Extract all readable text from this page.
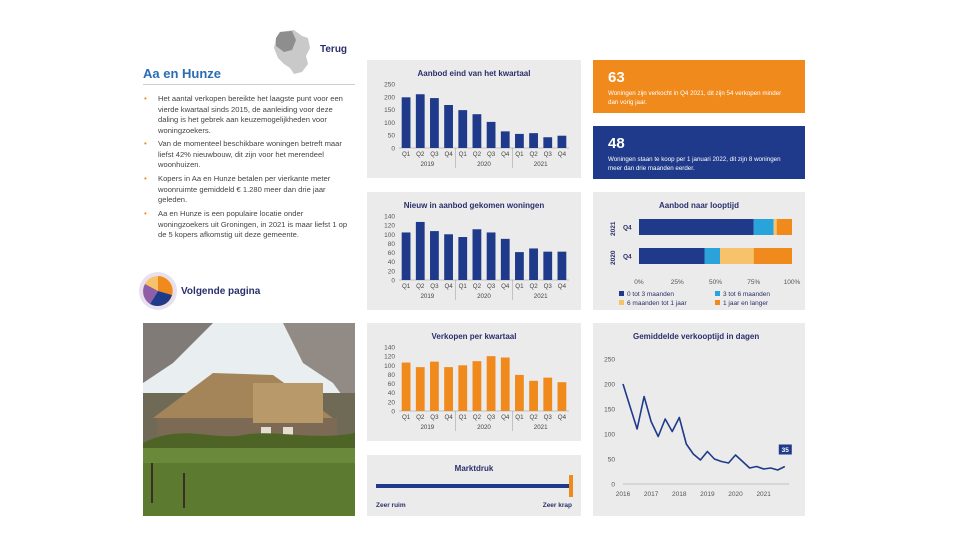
Terug
Aa en Hunze
•	Het aantal verkopen bereikte het laagste punt voor een vierde kwartaal sinds 2015, de aanleiding voor deze daling is het gebrek aan keuzemogelijkheden voor woningzoekers.
•	Van de momenteel beschikbare woningen betreft maar liefst 42% nieuwbouw, dit zijn voor het merendeel woonhuizen.
•	Kopers in Aa en Hunze betalen per vierkante meter woonruimte gemiddeld € 1.280 meer dan drie jaar geleden.
•	Aa en Hunze is een populaire locatie onder woningzoekers uit Groningen, in 2021 is maar liefst 1 op de 5 kopers afkomstig uit deze gemeente.
Volgende pagina
Aanbod eind van het kwartaal
0
50
100
150
200
250
Q1 Q2 Q3 Q4 Q1 Q2 Q3 Q4 Q1 Q2 Q3 Q4
2019	2020	2021
Nieuw in aanbod gekomen woningen
0
20
40
60
80
100
120
140
Q1 Q2 Q3 Q4 Q1 Q2 Q3 Q4 Q1 Q2 Q3 Q4
2019	2020	2021
Verkopen per kwartaal
0
20
40
60
80
100
120
140
Q1 Q2 Q3 Q4 Q1 Q2 Q3 Q4 Q1 Q2 Q3 Q4
2019	2020	2021
Marktdruk
Zeer ruim	Zeer krap
63
Woningen zijn verkocht in Q4 2021, dit zijn 54 verkopen minder dan vorig jaar.
48
Woningen staan te koop per 1 januari 2022, dit zijn 8 woningen meer dan drie maanden eerder.
Aanbod naar looptijd
2021 Q4
2020 Q4
0%	25%	50%	75%	100%
0 tot 3 maanden	3 tot 6 maanden
6 maanden tot 1 jaar	1 jaar en langer
Gemiddelde verkooptijd in dagen
0
50
100
150
200
250
2016 2017 2018 2019 2020 2021
35
